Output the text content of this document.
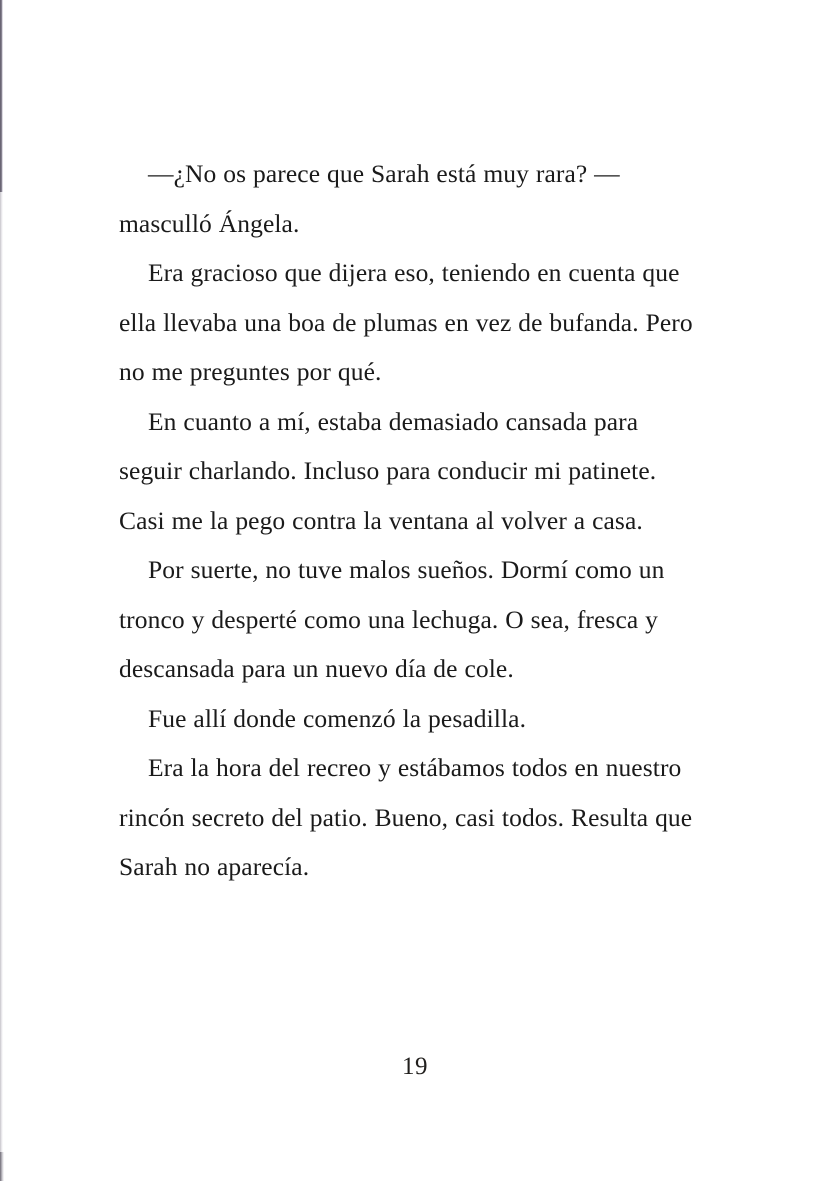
—¿No os parece que Sarah está muy rara? —masculló Ángela.

Era gracioso que dijera eso, teniendo en cuenta que ella llevaba una boa de plumas en vez de bufanda. Pero no me preguntes por qué.

En cuanto a mí, estaba demasiado cansada para seguir charlando. Incluso para conducir mi patinete. Casi me la pego contra la ventana al volver a casa.

Por suerte, no tuve malos sueños. Dormí como un tronco y desperté como una lechuga. O sea, fresca y descansada para un nuevo día de cole.

Fue allí donde comenzó la pesadilla.

Era la hora del recreo y estábamos todos en nuestro rincón secreto del patio. Bueno, casi todos. Resulta que Sarah no aparecía.

19
